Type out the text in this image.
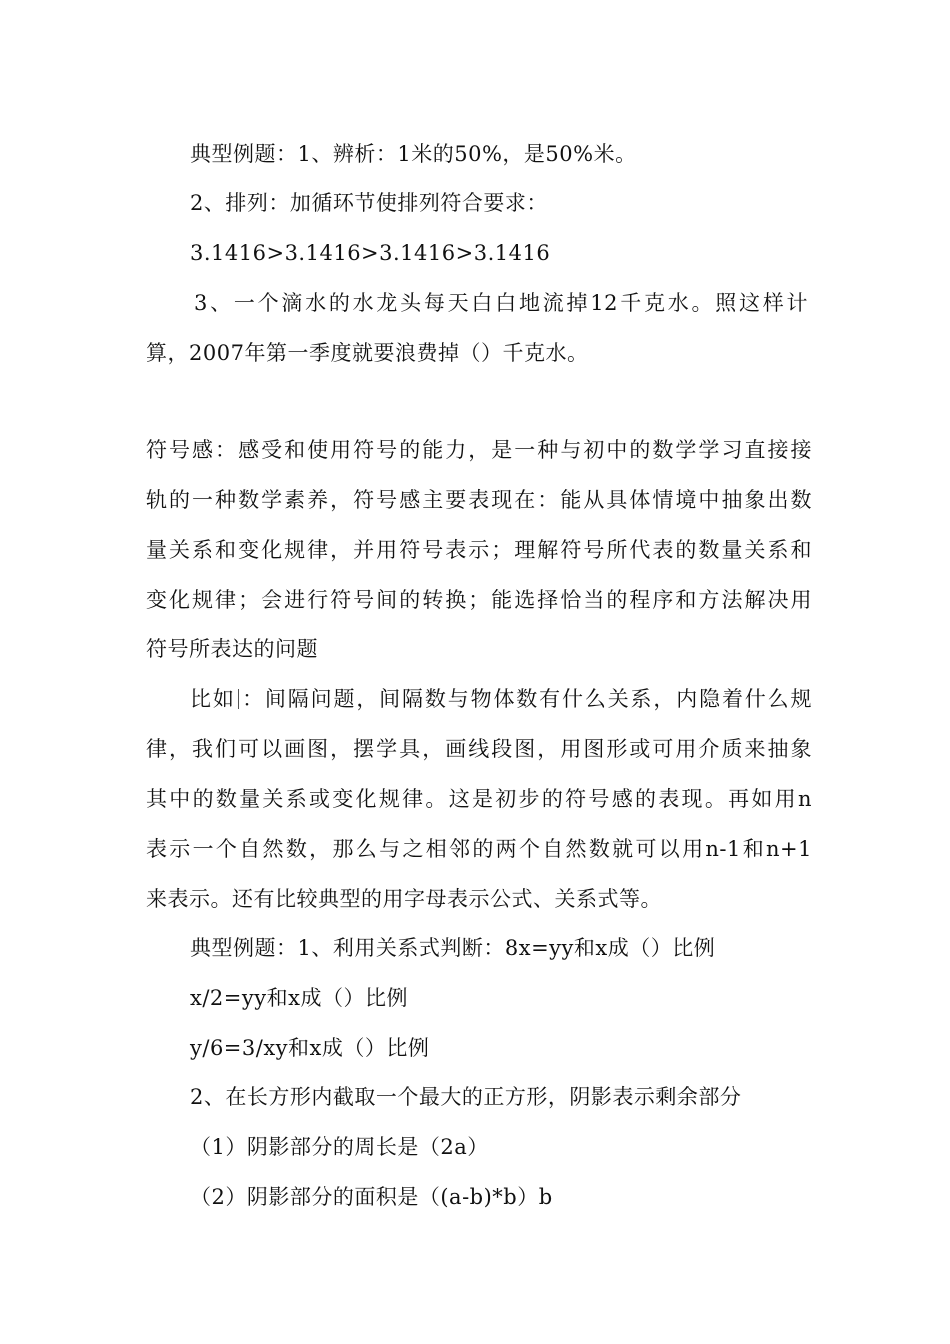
典型例题：1、辨析：1米的50%，是50%米。
2、排列：加循环节使排列符合要求：
3.1416>3.1416>3.1416>3.1416
3、一个滴水的水龙头每天白白地流掉12千克水。照这样计
算，2007年第一季度就要浪费掉（）千克水。
符号感：感受和使用符号的能力，是一种与初中的数学学习直接接
轨的一种数学素养，符号感主要表现在：能从具体情境中抽象出数
量关系和变化规律，并用符号表示；理解符号所代表的数量关系和
变化规律；会进行符号间的转换；能选择恰当的程序和方法解决用
符号所表达的问题
比如 ：间隔问题，间隔数与物体数有什么关系，内隐着什么规
律，我们可以画图，摆学具，画线段图，用图形或可用介质来抽象
其中的数量关系或变化规律。这是初步的符号感的表现。再如用n
表示一个自然数，那么与之相邻的两个自然数就可以用n-1和n+1
来表示。还有比较典型的用字母表示公式、关系式等。
典型例题：1、利用关系式判断：8x=yy和x成（）比例
x/2=yy和x成（）比例
y/6=3/xy和x成（）比例
2、在长方形内截取一个最大的正方形，阴影表示剩余部分
（1）阴影部分的周长是（2a）
（2）阴影部分的面积是（(a-b)*b）b
